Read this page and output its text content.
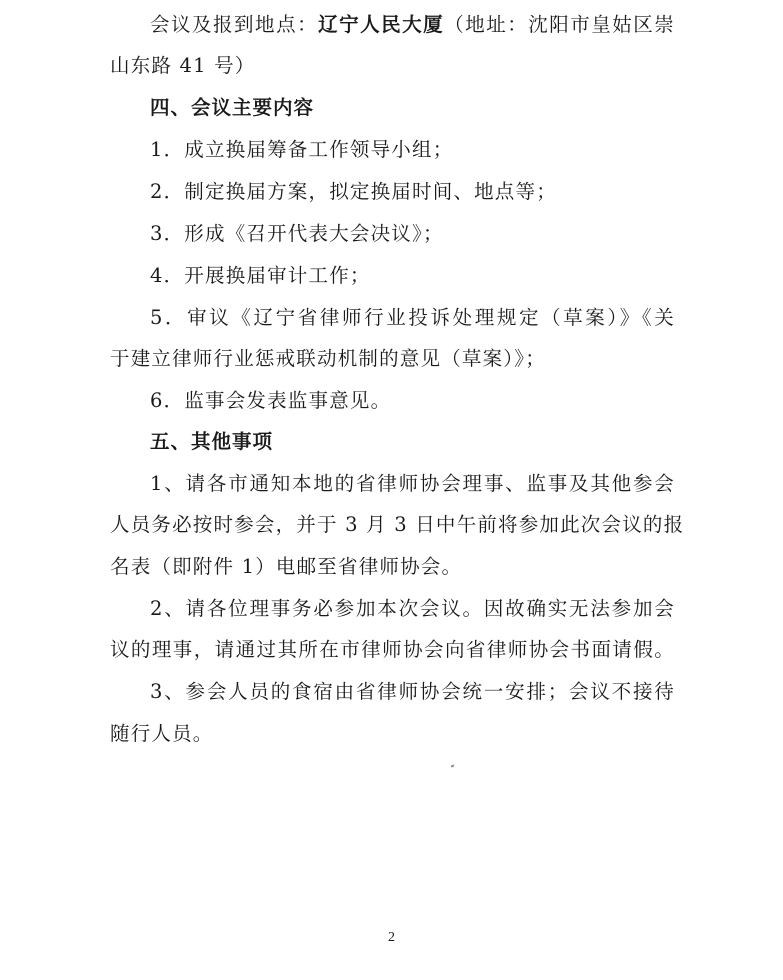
会议及报到地点：辽宁人民大厦（地址：沈阳市皇姑区崇
山东路 41 号）
四、会议主要内容
1．成立换届筹备工作领导小组；
2．制定换届方案，拟定换届时间、地点等；
3．形成《召开代表大会决议》；
4．开展换届审计工作；
5．审议《辽宁省律师行业投诉处理规定（草案）》《关
于建立律师行业惩戒联动机制的意见（草案）》；
6．监事会发表监事意见。
五、其他事项
1、请各市通知本地的省律师协会理事、监事及其他参会
人员务必按时参会，并于 3 月 3 日中午前将参加此次会议的报
名表（即附件 1）电邮至省律师协会。
2、请各位理事务必参加本次会议。因故确实无法参加会
议的理事，请通过其所在市律师协会向省律师协会书面请假。
3、参会人员的食宿由省律师协会统一安排；会议不接待
随行人员。
2
